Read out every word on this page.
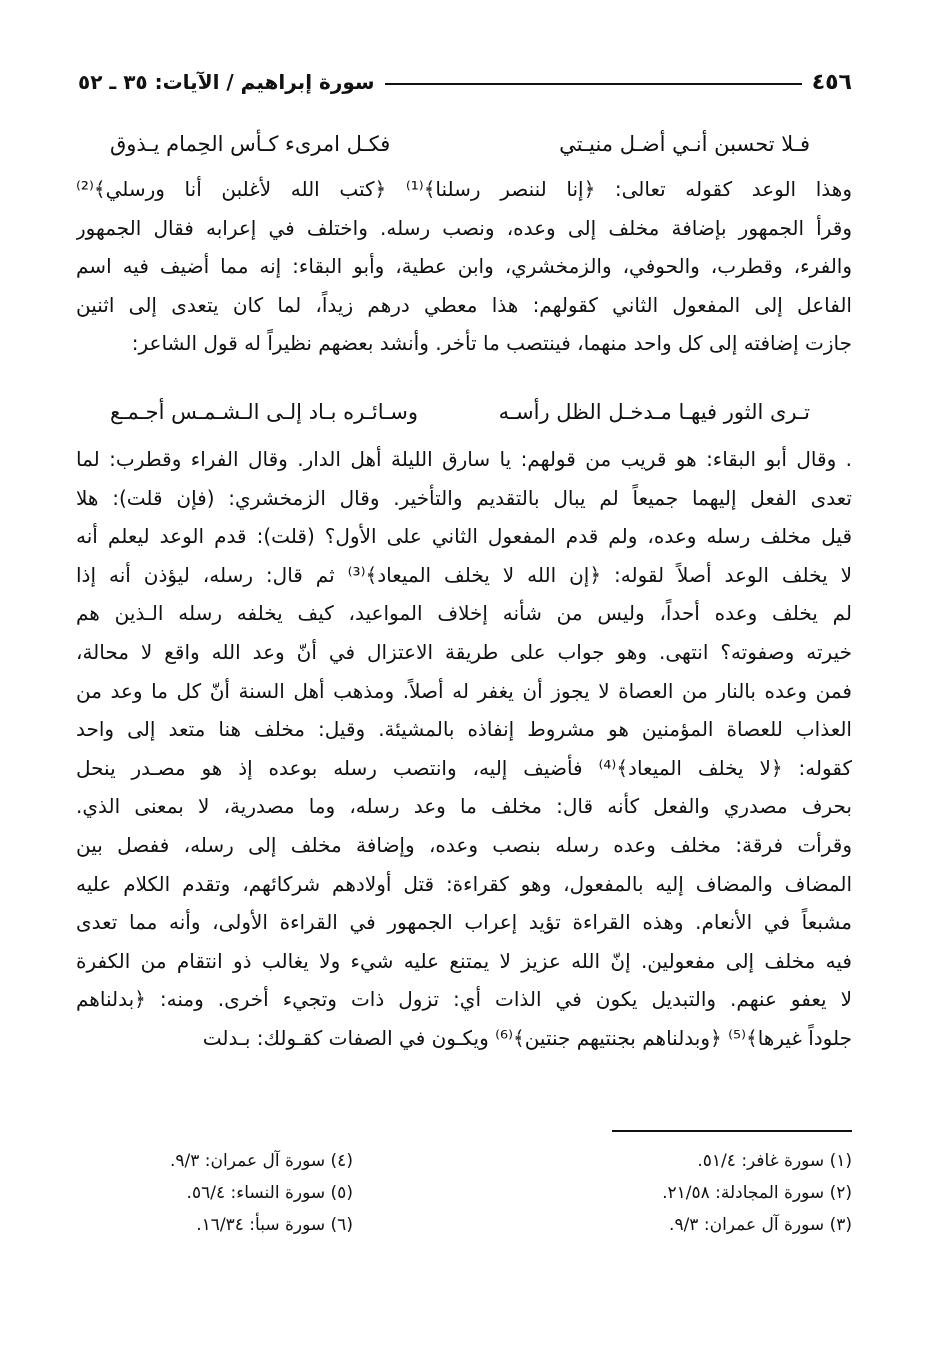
٤٥٦
سورة إبراهيم / الآيات: ٣٥ ـ ٥٢
فـلا تحسبن أنـي أضـل منيـتي
فكـل امرىء كـأس الحِمام يـذوق
وهذا الوعد كقوله تعالى: ﴿إنا لننصر رسلنا﴾⁽¹⁾ ﴿كتب الله لأغلبن أنا ورسلي﴾⁽²⁾
وقرأ الجمهور بإضافة مخلف إلى وعده، ونصب رسله. واختلف في إعرابه فقال الجمهور
والفرء، وقطرب، والحوفي، والزمخشري، وابن عطية، وأبو البقاء: إنه مما أضيف فيه اسم
الفاعل إلى المفعول الثاني كقولهم: هذا معطي درهم زيداً، لما كان يتعدى إلى اثنين
جازت إضافته إلى كل واحد منهما، فينتصب ما تأخر. وأنشد بعضهم نظيراً له قول الشاعر:
تـرى الثور فيهـا مـدخـل الظل رأسـه
وسـائـره بـاد إلـى الـشـمـس أجـمـع
. وقال أبو البقاء: هو قريب من قولهم: يا سارق الليلة أهل الدار. وقال الفراء وقطرب: لما
تعدى الفعل إليهما جميعاً لم يبال بالتقديم والتأخير. وقال الزمخشري: (فإن قلت): هلا
قيل مخلف رسله وعده، ولم قدم المفعول الثاني على الأول؟ (قلت): قدم الوعد ليعلم أنه
لا يخلف الوعد أصلاً لقوله: ﴿إن الله لا يخلف الميعاد﴾⁽³⁾ ثم قال: رسله، ليؤذن أنه إذا
لم يخلف وعده أحداً، وليس من شأنه إخلاف المواعيد، كيف يخلفه رسله الـذين هم
خيرته وصفوته؟ انتهى. وهو جواب على طريقة الاعتزال في أنّ وعد الله واقع لا محالة،
فمن وعده بالنار من العصاة لا يجوز أن يغفر له أصلاً. ومذهب أهل السنة أنّ كل ما وعد من
العذاب للعصاة المؤمنين هو مشروط إنفاذه بالمشيئة. وقيل: مخلف هنا متعد إلى واحد
كقوله: ﴿لا يخلف الميعاد﴾⁽⁴⁾ فأضيف إليه، وانتصب رسله بوعده إذ هو مصـدر ينحل
بحرف مصدري والفعل كأنه قال: مخلف ما وعد رسله، وما مصدرية، لا بمعنى الذي.
وقرأت فرقة: مخلف وعده رسله بنصب وعده، وإضافة مخلف إلى رسله، ففصل بين
المضاف والمضاف إليه بالمفعول، وهو كقراءة: قتل أولادهم شركائهم، وتقدم الكلام عليه
مشبعاً في الأنعام. وهذه القراءة تؤيد إعراب الجمهور في القراءة الأولى، وأنه مما تعدى
فيه مخلف إلى مفعولين. إنّ الله عزيز لا يمتنع عليه شيء ولا يغالب ذو انتقام من الكفرة
لا يعفو عنهم. والتبديل يكون في الذات أي: تزول ذات وتجيء أخرى. ومنه: ﴿بدلناهم
جلوداً غيرها﴾⁽⁵⁾ ﴿وبدلناهم بجنتيهم جنتين﴾⁽⁶⁾ ويكـون في الصفات كقـولك: بـدلت
(١) سورة غافر: ٥١/٤.
(٢) سورة المجادلة: ٢١/٥٨.
(٣) سورة آل عمران: ٩/٣.
(٤) سورة آل عمران: ٩/٣.
(٥) سورة النساء: ٥٦/٤.
(٦) سورة سبأ: ١٦/٣٤.
